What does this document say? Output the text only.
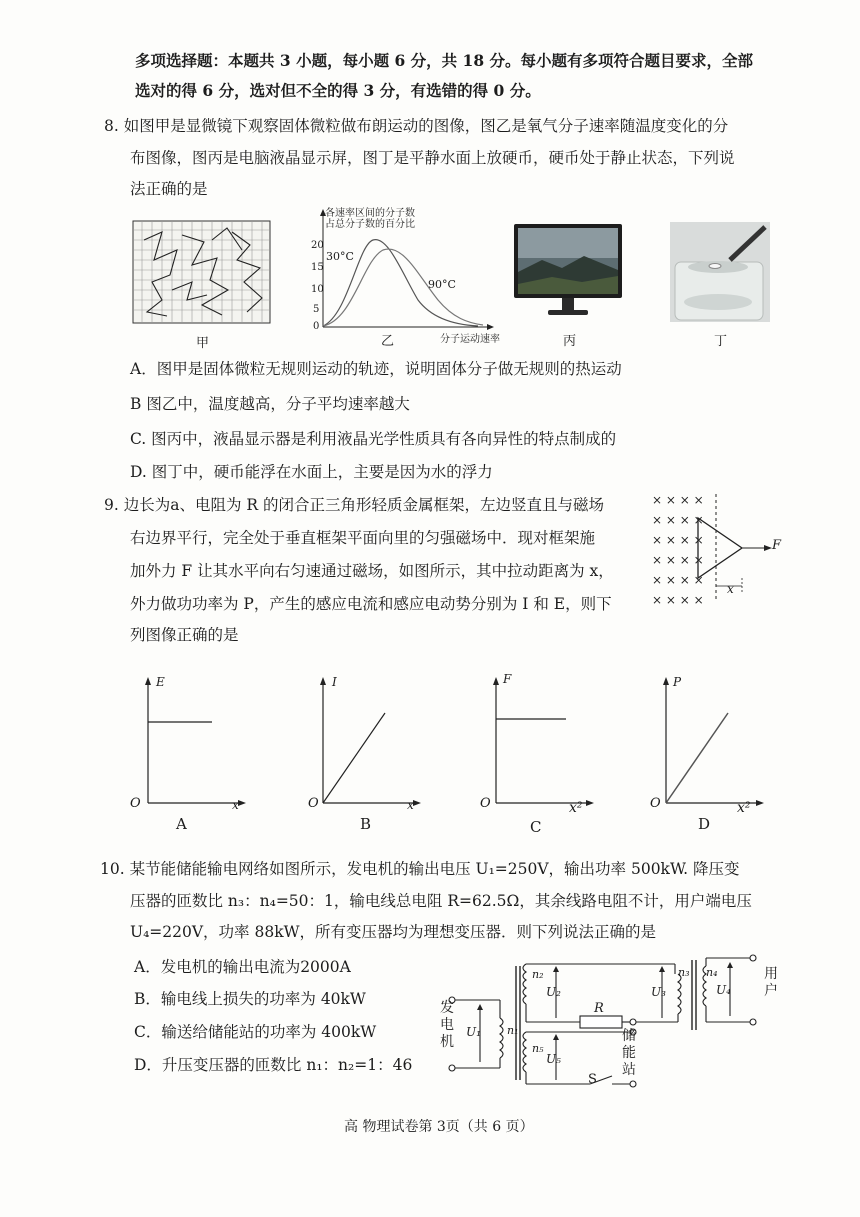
多项选择题：本题共 3 小题，每小题 6 分，共 18 分。每小题有多项符合题目要求，全部
选对的得 6 分，选对但不全的得 3 分，有选错的得 0 分。
8. 如图甲是显微镜下观察固体微粒做布朗运动的图像，图乙是氧气分子速率随温度变化的分
布图像，图丙是电脑液晶显示屏，图丁是平静水面上放硬币，硬币处于静止状态，下列说
法正确的是
甲
各速率区间的分子数
占总分子数的百分比
20
15
10
5
0
30°C
90°C
分子运动速率
乙	丙	丁
A．图甲是固体微粒无规则运动的轨迹，说明固体分子做无规则的热运动
B 图乙中，温度越高，分子平均速率越大
C. 图丙中，液晶显示器是利用液晶光学性质具有各向异性的特点制成的
D. 图丁中，硬币能浮在水面上，主要是因为水的浮力
9. 边长为a、电阻为 R 的闭合正三角形轻质金属框架，左边竖直且与磁场
右边界平行，完全处于垂直框架平面向里的匀强磁场中．现对框架施
加外力 F 让其水平向右匀速通过磁场，如图所示，其中拉动距离为 x，
外力做功功率为 P，产生的感应电流和感应电动势分别为 I 和 E，则下
列图像正确的是
× × × ×
× × × ×
× × × ×
× × × ×
× × × ×
× × × ×
F
x
E
x
O
A
I
x
O
B
F
x²
O
C
P
x²
O
D
10. 某节能储能输电网络如图所示，发电机的输出电压 U₁=250V，输出功率 500kW. 降压变
压器的匝数比 n₃：n₄=50：1，输电线总电阻 R=62.5Ω，其余线路电阻不计，用户端电压
U₄=220V，功率 88kW，所有变压器均为理想变压器．则下列说法正确的是
A．发电机的输出电流为2000A
B．输电线上损失的功率为 40kW
C．输送给储能站的功率为 400kW
D．升压变压器的匝数比 n₁：n₂=1：46
发
电
机	储
能
站
用
户
R
S
U₁
U₂	U₃	U₄
U₅
n₁
n₂	n₃ n₄
n₅
高 物理试卷第 3页（共 6 页）
